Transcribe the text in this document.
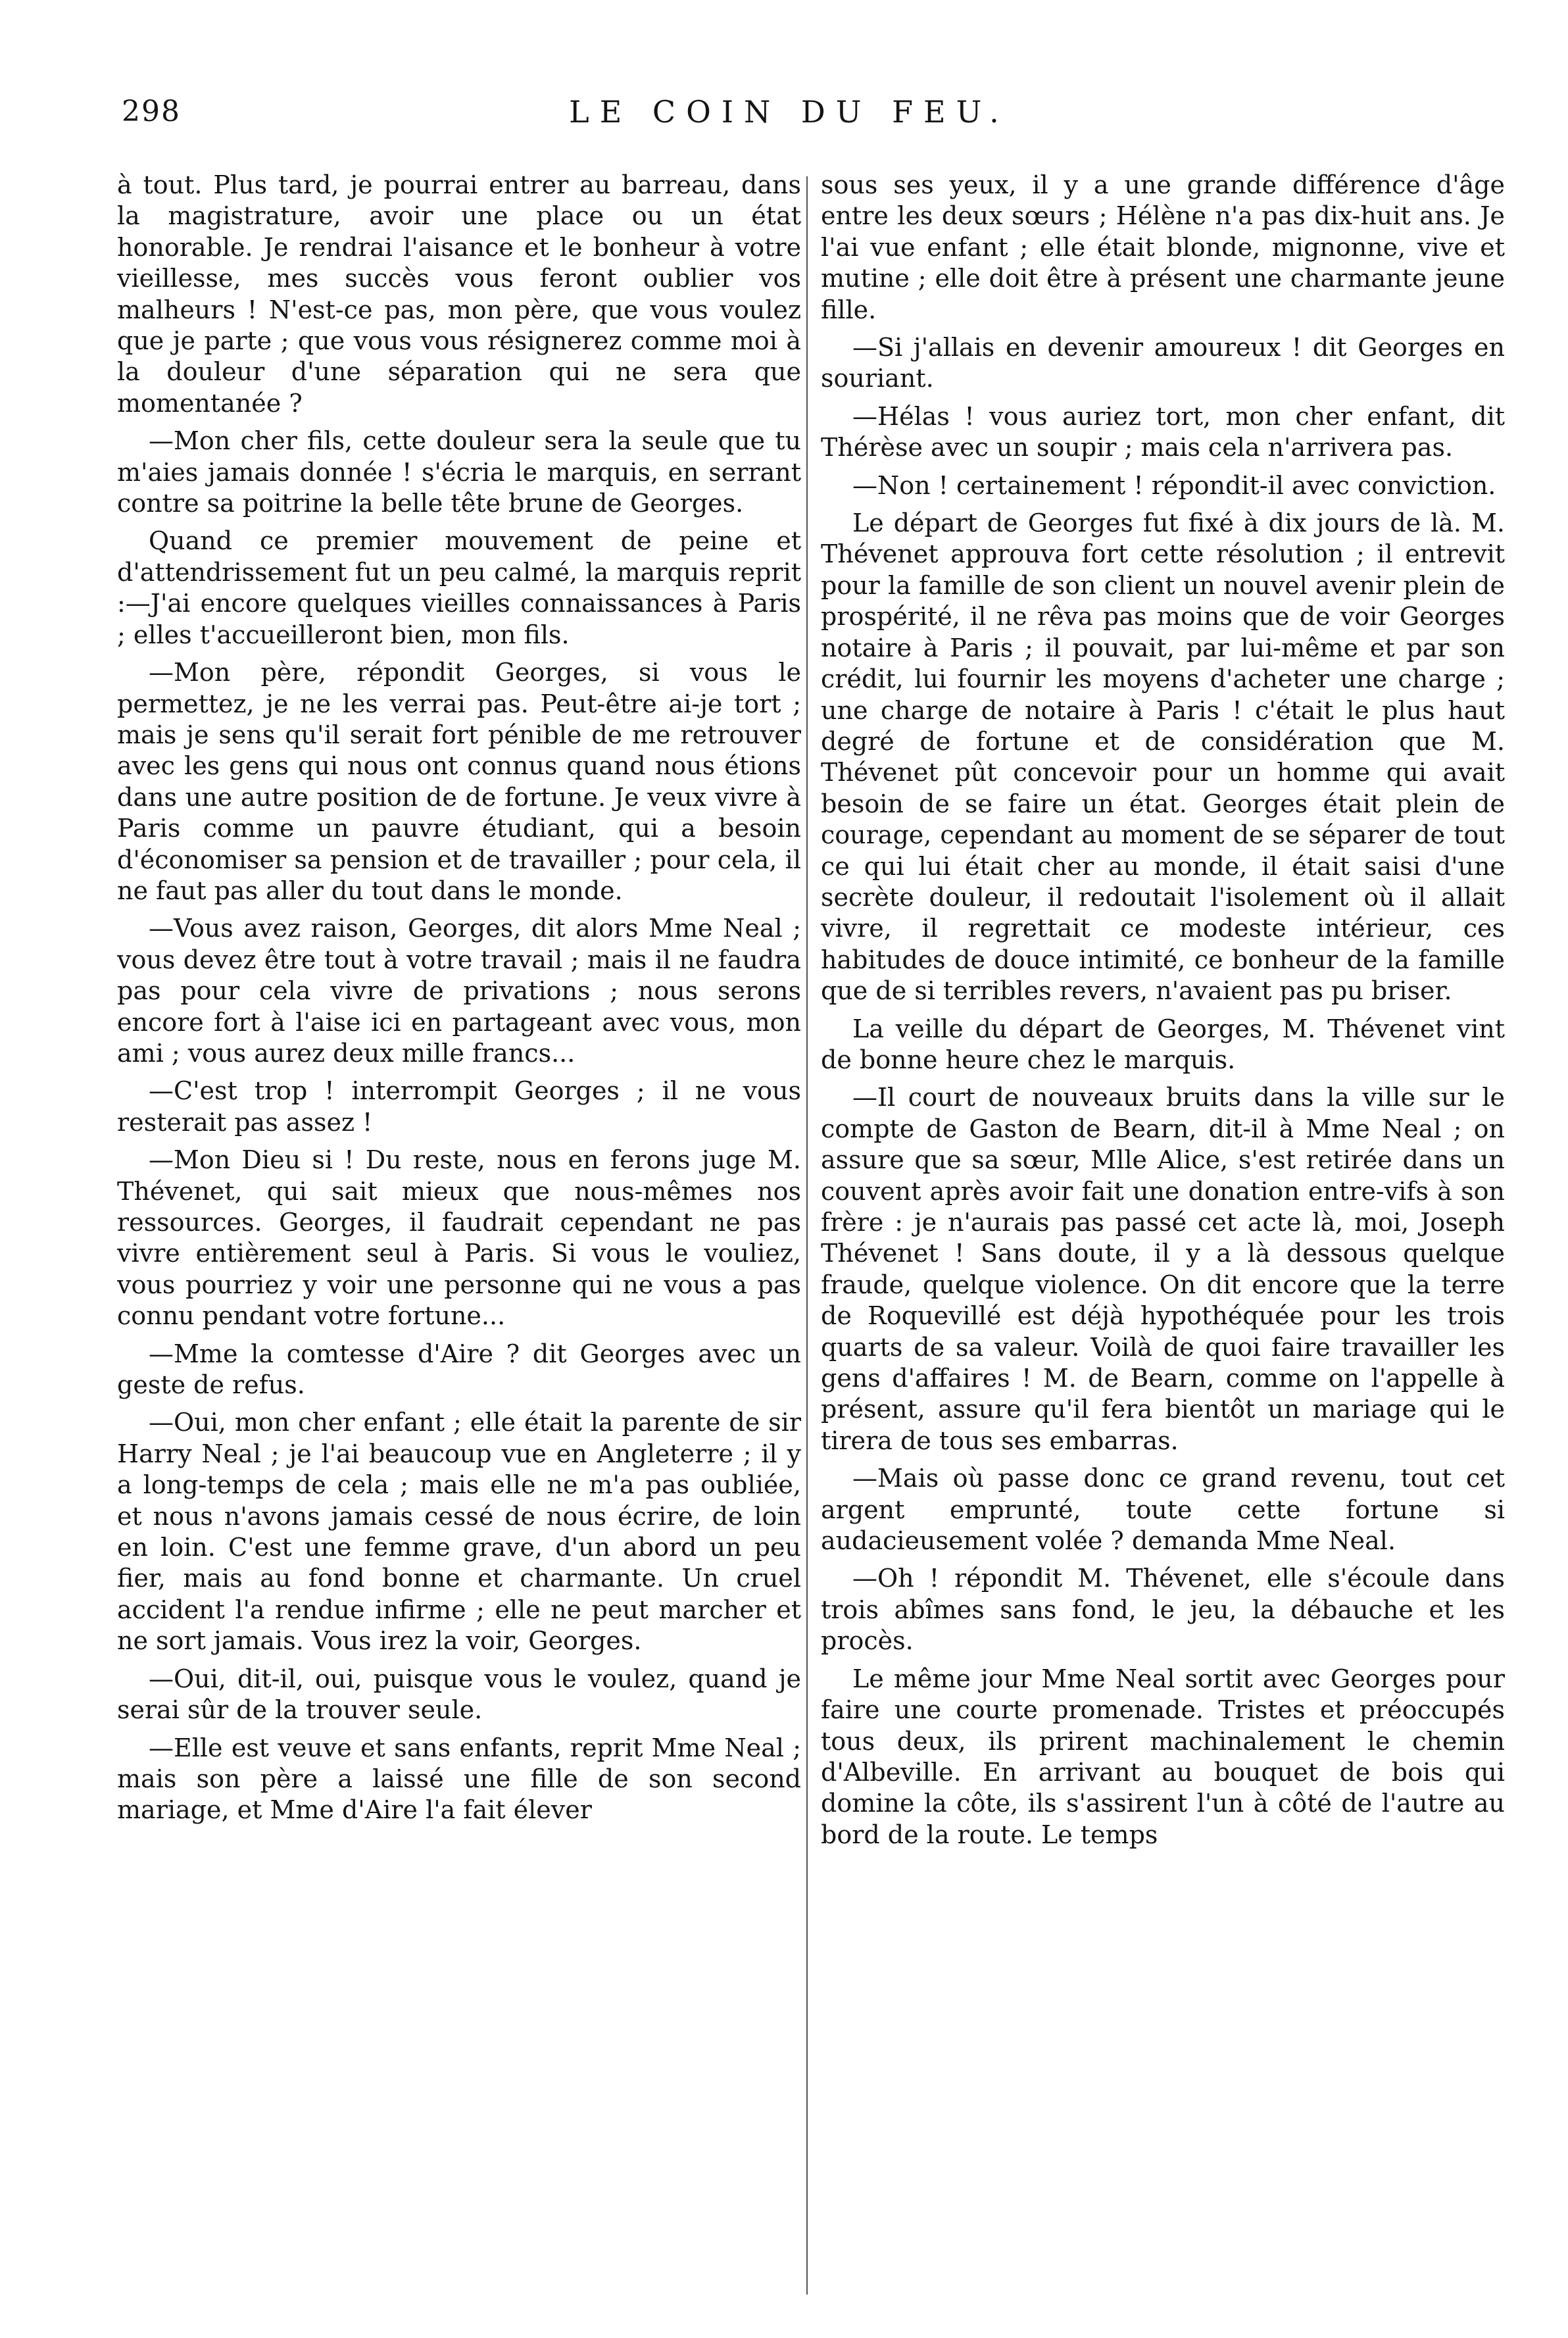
298	LE COIN DU FEU.

à tout. Plus tard, je pourrai entrer au barreau, dans la magistrature, avoir une place ou un état honorable. Je rendrai l'aisance et le bonheur à votre vieillesse, mes succès vous feront oublier vos malheurs ! N'est-ce pas, mon père, que vous voulez que je parte ; que vous vous résignerez comme moi à la douleur d'une séparation qui ne sera que momentanée ?

—Mon cher fils, cette douleur sera la seule que tu m'aies jamais donnée ! s'écria le marquis, en serrant contre sa poitrine la belle tête brune de Georges.

Quand ce premier mouvement de peine et d'attendrissement fut un peu calmé, la marquis reprit :—J'ai encore quelques vieilles connaissances à Paris ; elles t'accueilleront bien, mon fils.

—Mon père, répondit Georges, si vous le permettez, je ne les verrai pas. Peut-être ai-je tort ; mais je sens qu'il serait fort pénible de me retrouver avec les gens qui nous ont connus quand nous étions dans une autre position de de fortune. Je veux vivre à Paris comme un pauvre étudiant, qui a besoin d'économiser sa pension et de travailler ; pour cela, il ne faut pas aller du tout dans le monde.

—Vous avez raison, Georges, dit alors Mme Neal ; vous devez être tout à votre travail ; mais il ne faudra pas pour cela vivre de privations ; nous serons encore fort à l'aise ici en partageant avec vous, mon ami ; vous aurez deux mille francs...

—C'est trop ! interrompit Georges ; il ne vous resterait pas assez !

—Mon Dieu si ! Du reste, nous en ferons juge M. Thévenet, qui sait mieux que nous-mêmes nos ressources. Georges, il faudrait cependant ne pas vivre entièrement seul à Paris. Si vous le vouliez, vous pourriez y voir une personne qui ne vous a pas connu pendant votre fortune...

—Mme la comtesse d'Aire ? dit Georges avec un geste de refus.

—Oui, mon cher enfant ; elle était la parente de sir Harry Neal ; je l'ai beaucoup vue en Angleterre ; il y a long-temps de cela ; mais elle ne m'a pas oubliée, et nous n'avons jamais cessé de nous écrire, de loin en loin. C'est une femme grave, d'un abord un peu fier, mais au fond bonne et charmante. Un cruel accident l'a rendue infirme ; elle ne peut marcher et ne sort jamais. Vous irez la voir, Georges.

—Oui, dit-il, oui, puisque vous le voulez, quand je serai sûr de la trouver seule.

—Elle est veuve et sans enfants, reprit Mme Neal ; mais son père a laissé une fille de son second mariage, et Mme d'Aire l'a fait élever

sous ses yeux, il y a une grande différence d'âge entre les deux sœurs ; Hélène n'a pas dix-huit ans. Je l'ai vue enfant ; elle était blonde, mignonne, vive et mutine ; elle doit être à présent une charmante jeune fille.

—Si j'allais en devenir amoureux ! dit Georges en souriant.

—Hélas ! vous auriez tort, mon cher enfant, dit Thérèse avec un soupir ; mais cela n'arrivera pas.

—Non ! certainement ! répondit-il avec conviction.

Le départ de Georges fut fixé à dix jours de là. M. Thévenet approuva fort cette résolution ; il entrevit pour la famille de son client un nouvel avenir plein de prospérité, il ne rêva pas moins que de voir Georges notaire à Paris ; il pouvait, par lui-même et par son crédit, lui fournir les moyens d'acheter une charge ; une charge de notaire à Paris ! c'était le plus haut degré de fortune et de considération que M. Thévenet pût concevoir pour un homme qui avait besoin de se faire un état. Georges était plein de courage, cependant au moment de se séparer de tout ce qui lui était cher au monde, il était saisi d'une secrète douleur, il redoutait l'isolement où il allait vivre, il regrettait ce modeste intérieur, ces habitudes de douce intimité, ce bonheur de la famille que de si terribles revers, n'avaient pas pu briser.

La veille du départ de Georges, M. Thévenet vint de bonne heure chez le marquis.

—Il court de nouveaux bruits dans la ville sur le compte de Gaston de Bearn, dit-il à Mme Neal ; on assure que sa sœur, Mlle Alice, s'est retirée dans un couvent après avoir fait une donation entre-vifs à son frère : je n'aurais pas passé cet acte là, moi, Joseph Thévenet ! Sans doute, il y a là dessous quelque fraude, quelque violence. On dit encore que la terre de Roquevillé est déjà hypothéquée pour les trois quarts de sa valeur. Voilà de quoi faire travailler les gens d'affaires ! M. de Bearn, comme on l'appelle à présent, assure qu'il fera bientôt un mariage qui le tirera de tous ses embarras.

—Mais où passe donc ce grand revenu, tout cet argent emprunté, toute cette fortune si audacieusement volée ? demanda Mme Neal.

—Oh ! répondit M. Thévenet, elle s'écoule dans trois abîmes sans fond, le jeu, la débauche et les procès.

Le même jour Mme Neal sortit avec Georges pour faire une courte promenade. Tristes et préoccupés tous deux, ils prirent machinalement le chemin d'Albeville. En arrivant au bouquet de bois qui domine la côte, ils s'assirent l'un à côté de l'autre au bord de la route. Le temps
